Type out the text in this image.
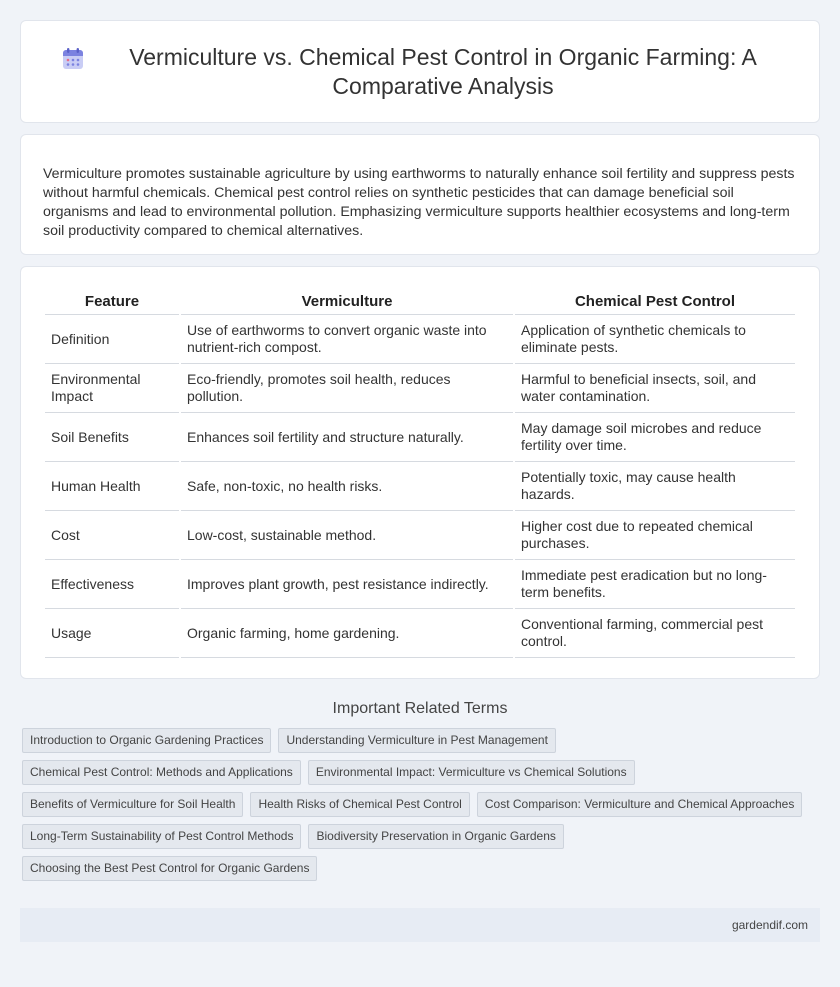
Vermiculture vs. Chemical Pest Control in Organic Farming: A Comparative Analysis

Vermiculture promotes sustainable agriculture by using earthworms to naturally enhance soil fertility and suppress pests without harmful chemicals. Chemical pest control relies on synthetic pesticides that can damage beneficial soil organisms and lead to environmental pollution. Emphasizing vermiculture supports healthier ecosystems and long-term soil productivity compared to chemical alternatives.

Feature	Vermiculture	Chemical Pest Control
Definition	Use of earthworms to convert organic waste into nutrient-rich compost.	Application of synthetic chemicals to eliminate pests.
Environmental Impact	Eco-friendly, promotes soil health, reduces pollution.	Harmful to beneficial insects, soil, and water contamination.
Soil Benefits	Enhances soil fertility and structure naturally.	May damage soil microbes and reduce fertility over time.
Human Health	Safe, non-toxic, no health risks.	Potentially toxic, may cause health hazards.
Cost	Low-cost, sustainable method.	Higher cost due to repeated chemical purchases.
Effectiveness	Improves plant growth, pest resistance indirectly.	Immediate pest eradication but no long-term benefits.
Usage	Organic farming, home gardening.	Conventional farming, commercial pest control.
Important Related Terms
Introduction to Organic Gardening Practices	Understanding Vermiculture in Pest Management
Chemical Pest Control: Methods and Applications	Environmental Impact: Vermiculture vs Chemical Solutions
Benefits of Vermiculture for Soil Health	Health Risks of Chemical Pest Control	Cost Comparison: Vermiculture and Chemical Approaches
Long-Term Sustainability of Pest Control Methods	Biodiversity Preservation in Organic Gardens
Choosing the Best Pest Control for Organic Gardens
gardendif.com
